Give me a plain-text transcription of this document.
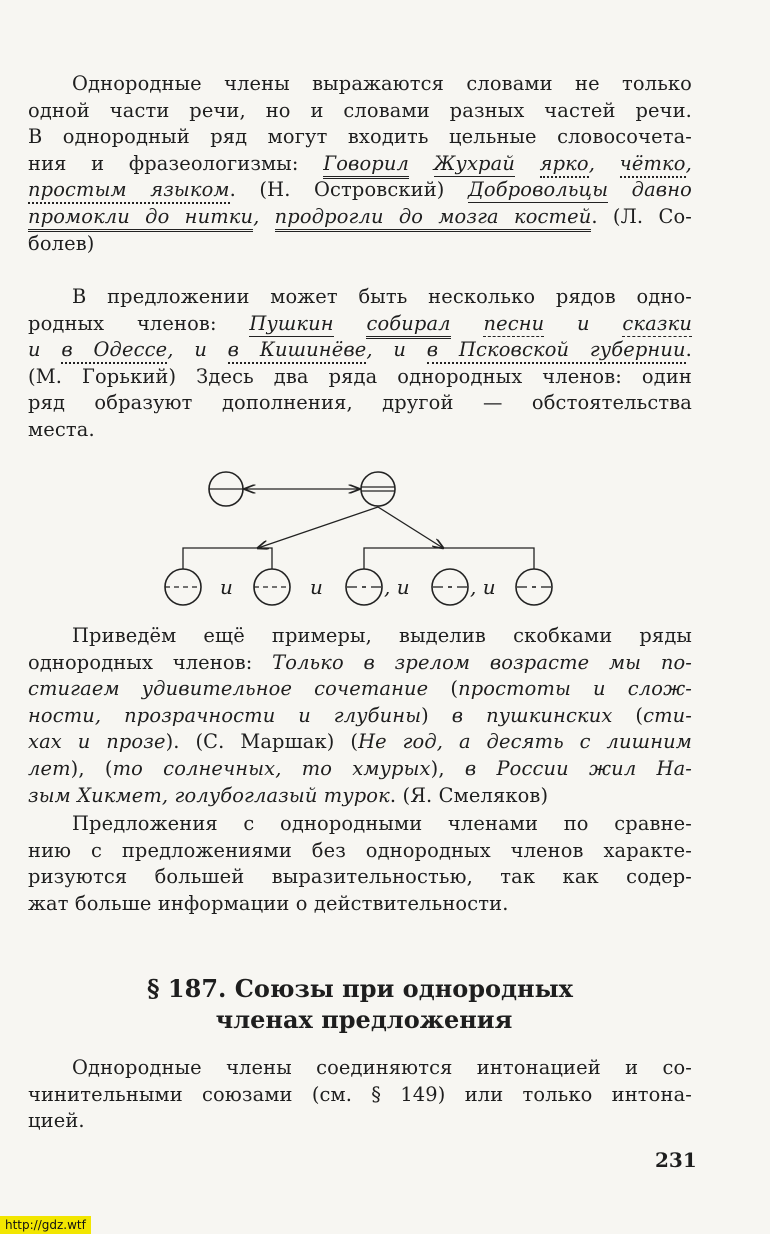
Однородные члены выражаются словами не только
одной части речи, но и словами разных частей речи.
В однородный ряд могут входить цельные словосочета-
ния и фразеологизмы: Говорил Жухрай ярко, чётко,
простым языком. (Н. Островский) Добровольцы давно
промокли до нитки, продрогли до мозга костей. (Л. Со-
болев)
В предложении может быть несколько рядов одно-
родных членов: Пушкин собирал песни и сказки
и в Одессе, и в Кишинёве, и в Псковской губернии.
(М. Горький) Здесь два ряда однородных членов: один
ряд образуют дополнения, другой — обстоятельства
места.
и	и	, и	, и
Приведём ещё примеры, выделив скобками ряды
однородных членов: Только в зрелом возрасте мы по-
стигаем удивительное сочетание (простоты и слож-
ности, прозрачности и глубины) в пушкинских (сти-
хах и прозе). (С. Маршак) (Не год, а десять с лишним
лет), (то солнечных, то хмурых), в России жил На-
зым Хикмет, голубоглазый турок. (Я. Смеляков)
Предложения с однородными членами по сравне-
нию с предложениями без однородных членов характе-
ризуются большей выразительностью, так как содер-
жат больше информации о действительности.
§ 187. Союзы при однородных
членах предложения
Однородные члены соединяются интонацией и со-
чинительными союзами (см. § 149) или только интона-
цией.
231
http://gdz.wtf
